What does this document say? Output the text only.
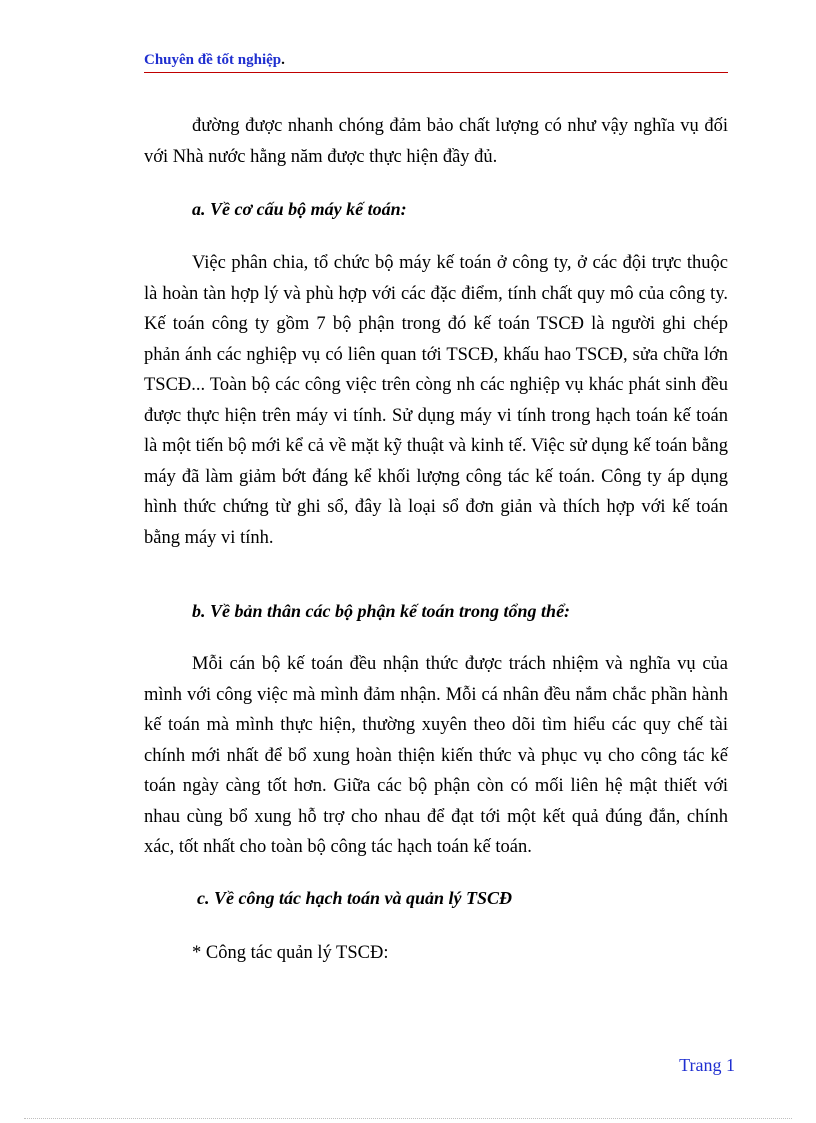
Chuyên đề tốt nghiệp.

đường được nhanh chóng đảm bảo chất lượng có như vậy nghĩa vụ đối với Nhà nước hằng năm được thực hiện đầy đủ.

a. Về cơ cấu bộ máy kế toán:

Việc phân chia, tổ chức bộ máy kế toán ở công ty, ở các đội trực thuộc là hoàn tàn hợp lý và phù hợp với các đặc điểm, tính chất quy mô của công ty. Kế toán công ty gồm 7 bộ phận trong đó kế toán TSCĐ là người ghi chép phản ánh các nghiệp vụ có liên quan tới TSCĐ, khấu hao TSCĐ, sửa chữa lớn TSCĐ... Toàn bộ các công việc trên còng nh các nghiệp vụ khác phát sinh đều được thực hiện trên máy vi tính. Sử dụng máy vi tính trong hạch toán kế toán là một tiến bộ mới kể cả về mặt kỹ thuật và kinh tế. Việc sử dụng kế toán bằng máy đã làm giảm bớt đáng kể khối lượng công tác kế toán. Công ty áp dụng hình thức chứng từ ghi sổ, đây là loại sổ đơn giản và thích hợp với kế toán bằng máy vi tính.

b. Về bản thân các bộ phận kế toán trong tổng thể:

Mỗi cán bộ kế toán đều nhận thức được trách nhiệm và nghĩa vụ của mình với công việc mà mình đảm nhận. Mỗi cá nhân đều nắm chắc phần hành kế toán mà mình thực hiện, thường xuyên theo dõi tìm hiểu các quy chế tài chính mới nhất để bổ xung hoàn thiện kiến thức và phục vụ cho công tác kế toán ngày càng tốt hơn. Giữa các bộ phận còn có mối liên hệ mật thiết với nhau cùng bổ xung hỗ trợ cho nhau để đạt tới một kết quả đúng đắn, chính xác, tốt nhất cho toàn bộ công tác hạch toán kế toán.

c. Về công tác hạch toán và quản lý TSCĐ

* Công tác quản lý TSCĐ:

Trang 1
